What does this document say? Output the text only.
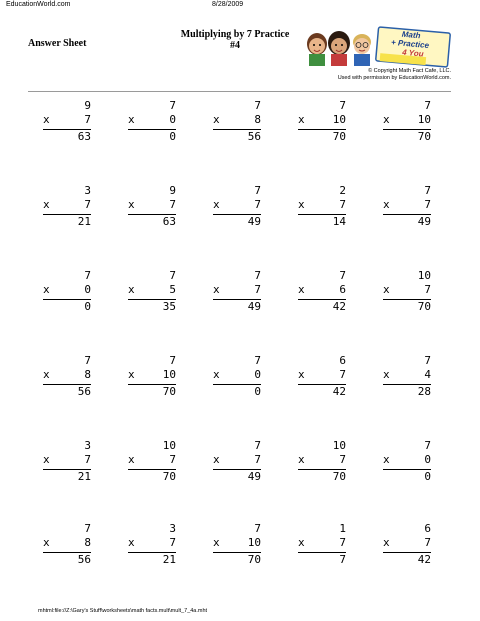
EducationWorld.com	8/28/2009
Answer Sheet
Multiplying by 7 Practice
#4
Math
+ Practice
4 You
© Copyright Math Fact Cafe, LLC.
Used with permission by EducationWorld.com.
9
x	7
63
7
x	0
0
7
x	8
56
7
x	10
70
7
x	10
70
3
x	7
21
9
x	7
63
7
x	7
49
2
x	7
14
7
x	7
49
7
x	0
0
7
x	5
35
7
x	7
49
7
x	6
42
10
x	7
70
7
x	8
56
7
x	10
70
7
x	0
0
6
x	7
42
7
x	4
28
3
x	7
21
10
x	7
70
7
x	7
49
10
x	7
70
7
x	0
0
7
x	8
56
3
x	7
21
7
x	10
70
1
x	7
7
6
x	7
42
mhtml:file://Z:\Gary's Stuff\worksheets\math facts.mult\mult_7_4a.mht
